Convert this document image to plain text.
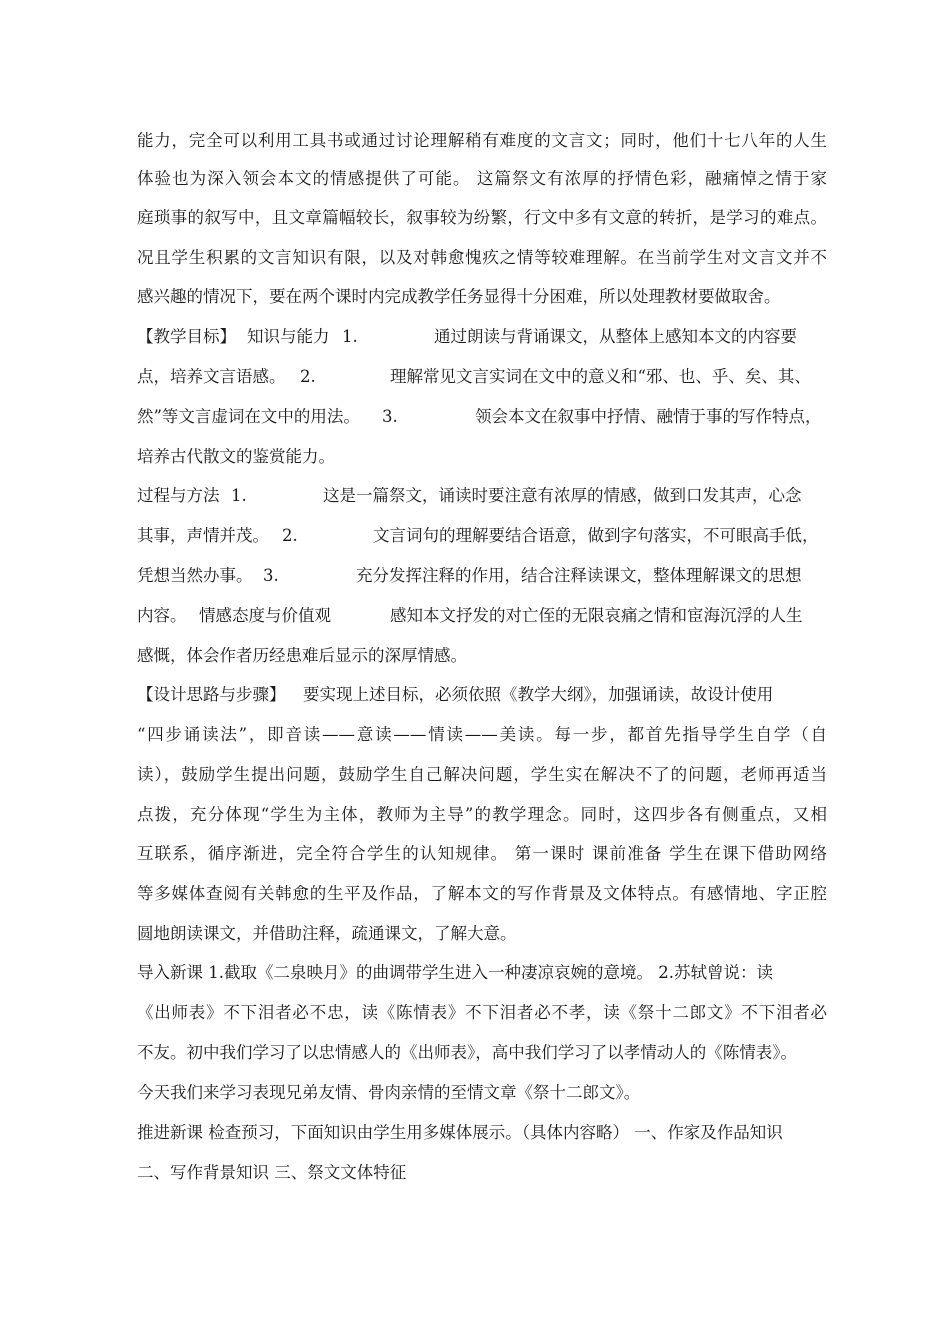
能力，完全可以利用工具书或通过讨论理解稍有难度的文言文；同时，他们十七八年的人生
体验也为深入领会本文的情感提供了可能。 这篇祭文有浓厚的抒情色彩，融痛悼之情于家
庭琐事的叙写中，且文章篇幅较长，叙事较为纷繁，行文中多有文意的转折，是学习的难点。
况且学生积累的文言知识有限，以及对韩愈愧疚之情等较难理解。在当前学生对文言文并不
感兴趣的情况下，要在两个课时内完成教学任务显得十分困难，所以处理教材要做取舍。
【教学目标】 知识与能力 1.	通过朗读与背诵课文，从整体上感知本文的内容要
点，培养文言语感。 2.	理解常见文言实词在文中的意义和“邪、也、乎、矣、其、
然”等文言虚词在文中的用法。 3.	领会本文在叙事中抒情、融情于事的写作特点，
培养古代散文的鉴赏能力。
过程与方法 1.	这是一篇祭文，诵读时要注意有浓厚的情感，做到口发其声，心念
其事，声情并茂。 2.	文言词句的理解要结合语意，做到字句落实，不可眼高手低，
凭想当然办事。 3.	充分发挥注释的作用，结合注释读课文，整体理解课文的思想
内容。 情感态度与价值观	感知本文抒发的对亡侄的无限哀痛之情和宦海沉浮的人生
感慨，体会作者历经患难后显示的深厚情感。
【设计思路与步骤】 要实现上述目标，必须依照《教学大纲》，加强诵读，故设计使用
“四步诵读法”，即音读——意读——情读——美读。每一步，都首先指导学生自学（自
读），鼓励学生提出问题，鼓励学生自己解决问题，学生实在解决不了的问题，老师再适当
点拨，充分体现“学生为主体，教师为主导”的教学理念。同时，这四步各有侧重点，又相
互联系，循序渐进，完全符合学生的认知规律。 第一课时 课前准备 学生在课下借助网络
等多媒体查阅有关韩愈的生平及作品，了解本文的写作背景及文体特点。有感情地、字正腔
圆地朗读课文，并借助注释，疏通课文，了解大意。
导入新课 1.截取《二泉映月》的曲调带学生进入一种凄凉哀婉的意境。 2.苏轼曾说：读
《出师表》不下泪者必不忠，读《陈情表》不下泪者必不孝，读《祭十二郎文》不下泪者必
不友。初中我们学习了以忠情感人的《出师表》，高中我们学习了以孝情动人的《陈情表》。
今天我们来学习表现兄弟友情、骨肉亲情的至情文章《祭十二郎文》。
推进新课 检查预习，下面知识由学生用多媒体展示。（具体内容略） 一、作家及作品知识
二、写作背景知识 三、祭文文体特征
